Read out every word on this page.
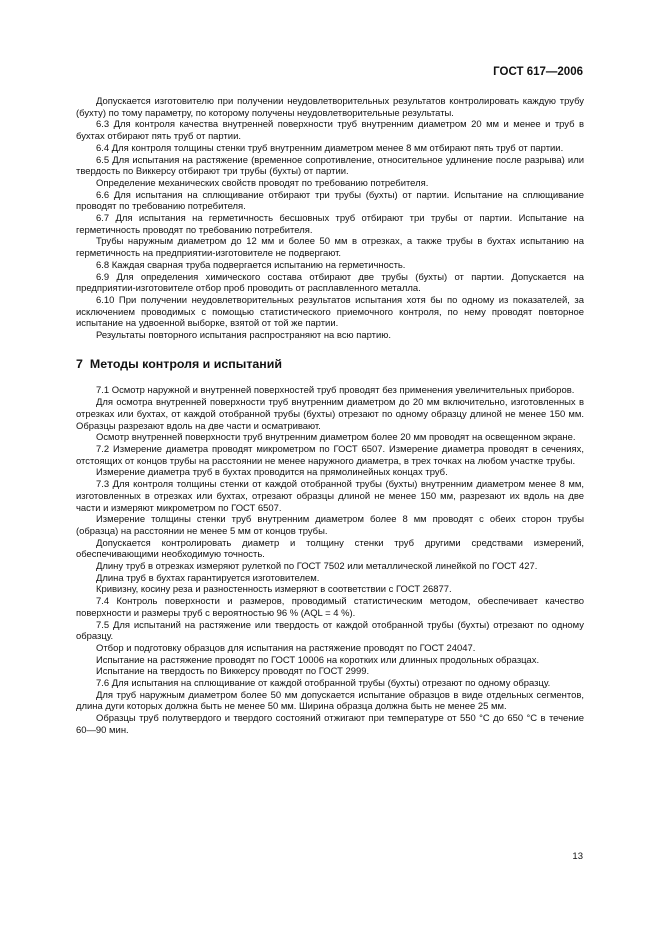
ГОСТ 617—2006

Допускается изготовителю при получении неудовлетворительных результатов контролировать каждую трубу (бухту) по тому параметру, по которому получены неудовлетворительные результаты.

6.3 Для контроля качества внутренней поверхности труб внутренним диаметром 20 мм и менее и труб в бухтах отбирают пять труб от партии.

6.4 Для контроля толщины стенки труб внутренним диаметром менее 8 мм отбирают пять труб от партии.

6.5 Для испытания на растяжение (временное сопротивление, относительное удлинение после разрыва) или твердость по Виккерсу отбирают три трубы (бухты) от партии.

Определение механических свойств проводят по требованию потребителя.

6.6 Для испытания на сплющивание отбирают три трубы (бухты) от партии. Испытание на сплющивание проводят по требованию потребителя.

6.7 Для испытания на герметичность бесшовных труб отбирают три трубы от партии. Испытание на герметичность проводят по требованию потребителя.

Трубы наружным диаметром до 12 мм и более 50 мм в отрезках, а также трубы в бухтах испытанию на герметичность на предприятии-изготовителе не подвергают.

6.8 Каждая сварная труба подвергается испытанию на герметичность.

6.9 Для определения химического состава отбирают две трубы (бухты) от партии. Допускается на предприятии-изготовителе отбор проб проводить от расплавленного металла.

6.10 При получении неудовлетворительных результатов испытания хотя бы по одному из показателей, за исключением проводимых с помощью статистического приемочного контроля, по нему проводят повторное испытание на удвоенной выборке, взятой от той же партии.

Результаты повторного испытания распространяют на всю партию.

7 Методы контроля и испытаний

7.1 Осмотр наружной и внутренней поверхностей труб проводят без применения увеличительных приборов.

Для осмотра внутренней поверхности труб внутренним диаметром до 20 мм включительно, изготовленных в отрезках или бухтах, от каждой отобранной трубы (бухты) отрезают по одному образцу длиной не менее 150 мм. Образцы разрезают вдоль на две части и осматривают.

Осмотр внутренней поверхности труб внутренним диаметром более 20 мм проводят на освещенном экране.

7.2 Измерение диаметра проводят микрометром по ГОСТ 6507. Измерение диаметра проводят в сечениях, отстоящих от концов трубы на расстоянии не менее наружного диаметра, в трех точках на любом участке трубы.

Измерение диаметра труб в бухтах проводится на прямолинейных концах труб.

7.3 Для контроля толщины стенки от каждой отобранной трубы (бухты) внутренним диаметром менее 8 мм, изготовленных в отрезках или бухтах, отрезают образцы длиной не менее 150 мм, разрезают их вдоль на две части и измеряют микрометром по ГОСТ 6507.

Измерение толщины стенки труб внутренним диаметром более 8 мм проводят с обеих сторон трубы (образца) на расстоянии не менее 5 мм от концов трубы.

Допускается контролировать диаметр и толщину стенки труб другими средствами измерений, обеспечивающими необходимую точность.

Длину труб в отрезках измеряют рулеткой по ГОСТ 7502 или металлической линейкой по ГОСТ 427.

Длина труб в бухтах гарантируется изготовителем.

Кривизну, косину реза и разностенность измеряют в соответствии с ГОСТ 26877.

7.4 Контроль поверхности и размеров, проводимый статистическим методом, обеспечивает качество поверхности и размеры труб с вероятностью 96 % (AQL = 4 %).

7.5 Для испытаний на растяжение или твердость от каждой отобранной трубы (бухты) отрезают по одному образцу.

Отбор и подготовку образцов для испытания на растяжение проводят по ГОСТ 24047.

Испытание на растяжение проводят по ГОСТ 10006 на коротких или длинных продольных образцах.

Испытание на твердость по Виккерсу проводят по ГОСТ 2999.

7.6 Для испытания на сплющивание от каждой отобранной трубы (бухты) отрезают по одному образцу.

Для труб наружным диаметром более 50 мм допускается испытание образцов в виде отдельных сегментов, длина дуги которых должна быть не менее 50 мм. Ширина образца должна быть не менее 25 мм.

Образцы труб полутвердого и твердого состояний отжигают при температуре от 550 °С до 650 °С в течение 60—90 мин.

13
